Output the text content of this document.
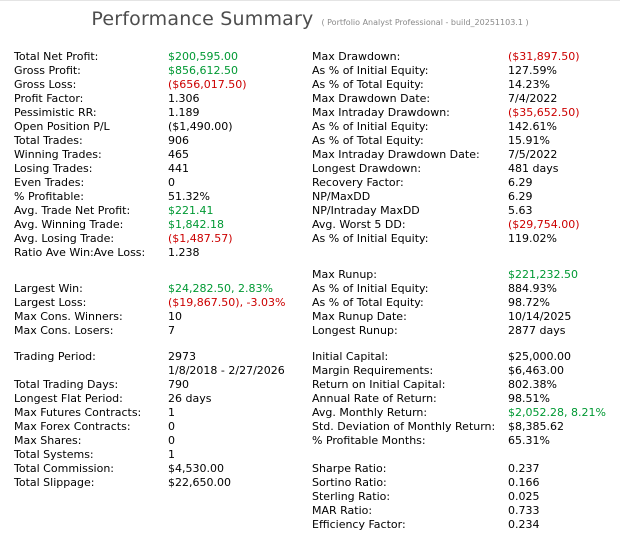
Performance Summary ( Portfolio Analyst Professional - build_20251103.1 )
Total Net Profit:	$200,595.00
Gross Profit:	$856,612.50
Gross Loss:	($656,017.50)
Profit Factor:	1.306
Pessimistic RR:	1.189
Open Position P/L	($1,490.00)
Total Trades:	906
Winning Trades:	465
Losing Trades:	441
Even Trades:	0
% Profitable:	51.32%
Avg. Trade Net Profit:	$221.41
Avg. Winning Trade:	$1,842.18
Avg. Losing Trade:	($1,487.57)
Ratio Ave Win:Ave Loss:	1.238
Largest Win:	$24,282.50, 2.83%
Largest Loss:	($19,867.50), -3.03%
Max Cons. Winners:	10
Max Cons. Losers:	7
Trading Period:	2973
1/8/2018 - 2/27/2026
Total Trading Days:	790
Longest Flat Period:	26 days
Max Futures Contracts:	1
Max Forex Contracts:	0
Max Shares:	0
Total Systems:	1
Total Commission:	$4,530.00
Total Slippage:	$22,650.00
Max Drawdown:	($31,897.50)
As % of Initial Equity:	127.59%
As % of Total Equity:	14.23%
Max Drawdown Date:	7/4/2022
Max Intraday Drawdown:	($35,652.50)
As % of Initial Equity:	142.61%
As % of Total Equity:	15.91%
Max Intraday Drawdown Date:	7/5/2022
Longest Drawdown:	481 days
Recovery Factor:	6.29
NP/MaxDD	6.29
NP/Intraday MaxDD	5.63
Avg. Worst 5 DD:	($29,754.00)
As % of Initial Equity:	119.02%
Max Runup:	$221,232.50
As % of Initial Equity:	884.93%
As % of Total Equity:	98.72%
Max Runup Date:	10/14/2025
Longest Runup:	2877 days
Initial Capital:	$25,000.00
Margin Requirements:	$6,463.00
Return on Initial Capital:	802.38%
Annual Rate of Return:	98.51%
Avg. Monthly Return:	$2,052.28, 8.21%
Std. Deviation of Monthly Return:	$8,385.62
% Profitable Months:	65.31%
Sharpe Ratio:	0.237
Sortino Ratio:	0.166
Sterling Ratio:	0.025
MAR Ratio:	0.733
Efficiency Factor:	0.234
